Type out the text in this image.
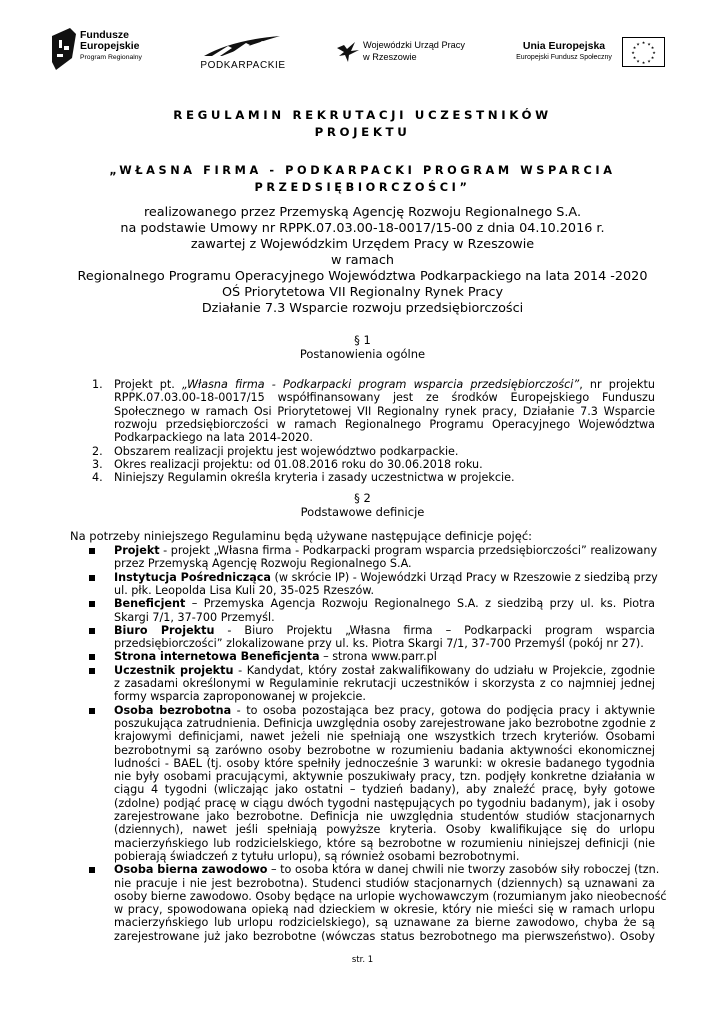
Fundusze
Europejskie
Program Regionalny
PODKARPACKIE
Wojewódzki Urząd Pracy
w Rzeszowie
Unia Europejska
Europejski Fundusz Społeczny
★ ★
★
★
★
★
★
★
★
★
★
★
REGULAMIN REKRUTACJI UCZESTNIKÓW
PROJEKTU
„WŁASNA FIRMA - PODKARPACKI PROGRAM WSPARCIA
PRZEDSIĘBIORCZOŚCI”
realizowanego przez Przemyską Agencję Rozwoju Regionalnego S.A.
na podstawie Umowy nr RPPK.07.03.00-18-0017/15-00 z dnia 04.10.2016 r.
zawartej z Wojewódzkim Urzędem Pracy w Rzeszowie
w ramach
Regionalnego Programu Operacyjnego Województwa Podkarpackiego na lata 2014 -2020
OŚ Priorytetowa VII Regionalny Rynek Pracy
Działanie 7.3 Wsparcie rozwoju przedsiębiorczości
§ 1
Postanowienia ogólne
1. Projekt pt. „Własna firma - Podkarpacki program wsparcia przedsiębiorczości”, nr projektu
RPPK.07.03.00-18-0017/15 współfinansowany jest ze środków Europejskiego Funduszu
Społecznego w ramach Osi Priorytetowej VII Regionalny rynek pracy, Działanie 7.3 Wsparcie
rozwoju przedsiębiorczości w ramach Regionalnego Programu Operacyjnego Województwa
Podkarpackiego na lata 2014-2020.
2. Obszarem realizacji projektu jest województwo podkarpackie.
3. Okres realizacji projektu: od 01.08.2016 roku do 30.06.2018 roku.
4. Niniejszy Regulamin określa kryteria i zasady uczestnictwa w projekcie.
§ 2
Podstawowe definicje
Na potrzeby niniejszego Regulaminu będą używane następujące definicje pojęć:
Projekt - projekt „Własna firma - Podkarpacki program wsparcia przedsiębiorczości” realizowany
przez Przemyską Agencję Rozwoju Regionalnego S.A.
Instytucja Pośrednicząca (w skrócie IP) - Wojewódzki Urząd Pracy w Rzeszowie z siedzibą przy
ul. płk. Leopolda Lisa Kuli 20, 35-025 Rzeszów.
Beneficjent – Przemyska Agencja Rozwoju Regionalnego S.A. z siedzibą przy ul. ks. Piotra
Skargi 7/1, 37-700 Przemyśl.
Biuro Projektu - Biuro Projektu „Własna firma – Podkarpacki program wsparcia
przedsiębiorczości” zlokalizowane przy ul. ks. Piotra Skargi 7/1, 37-700 Przemyśl (pokój nr 27).
Strona internetowa Beneficjenta – strona www.parr.pl
Uczestnik projektu - Kandydat, który został zakwalifikowany do udziału w Projekcie, zgodnie
z zasadami określonymi w Regulaminie rekrutacji uczestników i skorzysta z co najmniej jednej
formy wsparcia zaproponowanej w projekcie.
Osoba bezrobotna - to osoba pozostająca bez pracy, gotowa do podjęcia pracy i aktywnie
poszukująca zatrudnienia. Definicja uwzględnia osoby zarejestrowane jako bezrobotne zgodnie z
krajowymi definicjami, nawet jeżeli nie spełniają one wszystkich trzech kryteriów. Osobami
bezrobotnymi są zarówno osoby bezrobotne w rozumieniu badania aktywności ekonomicznej
ludności - BAEL (tj. osoby które spełniły jednocześnie 3 warunki: w okresie badanego tygodnia
nie były osobami pracującymi, aktywnie poszukiwały pracy, tzn. podjęły konkretne działania w
ciągu 4 tygodni (wliczając jako ostatni – tydzień badany), aby znaleźć pracę, były gotowe
(zdolne) podjąć pracę w ciągu dwóch tygodni następujących po tygodniu badanym), jak i osoby
zarejestrowane jako bezrobotne. Definicja nie uwzględnia studentów studiów stacjonarnych
(dziennych), nawet jeśli spełniają powyższe kryteria. Osoby kwalifikujące się do urlopu
macierzyńskiego lub rodzicielskiego, które są bezrobotne w rozumieniu niniejszej definicji (nie
pobierają świadczeń z tytułu urlopu), są również osobami bezrobotnymi.
Osoba bierna zawodowo – to osoba która w danej chwili nie tworzy zasobów siły roboczej (tzn.
nie pracuje i nie jest bezrobotna). Studenci studiów stacjonarnych (dziennych) są uznawani za
osoby bierne zawodowo. Osoby będące na urlopie wychowawczym (rozumianym jako nieobecność
w pracy, spowodowana opieką nad dzieckiem w okresie, który nie mieści się w ramach urlopu
macierzyńskiego lub urlopu rodzicielskiego), są uznawane za bierne zawodowo, chyba że są
zarejestrowane już jako bezrobotne (wówczas status bezrobotnego ma pierwszeństwo). Osoby
str. 1
